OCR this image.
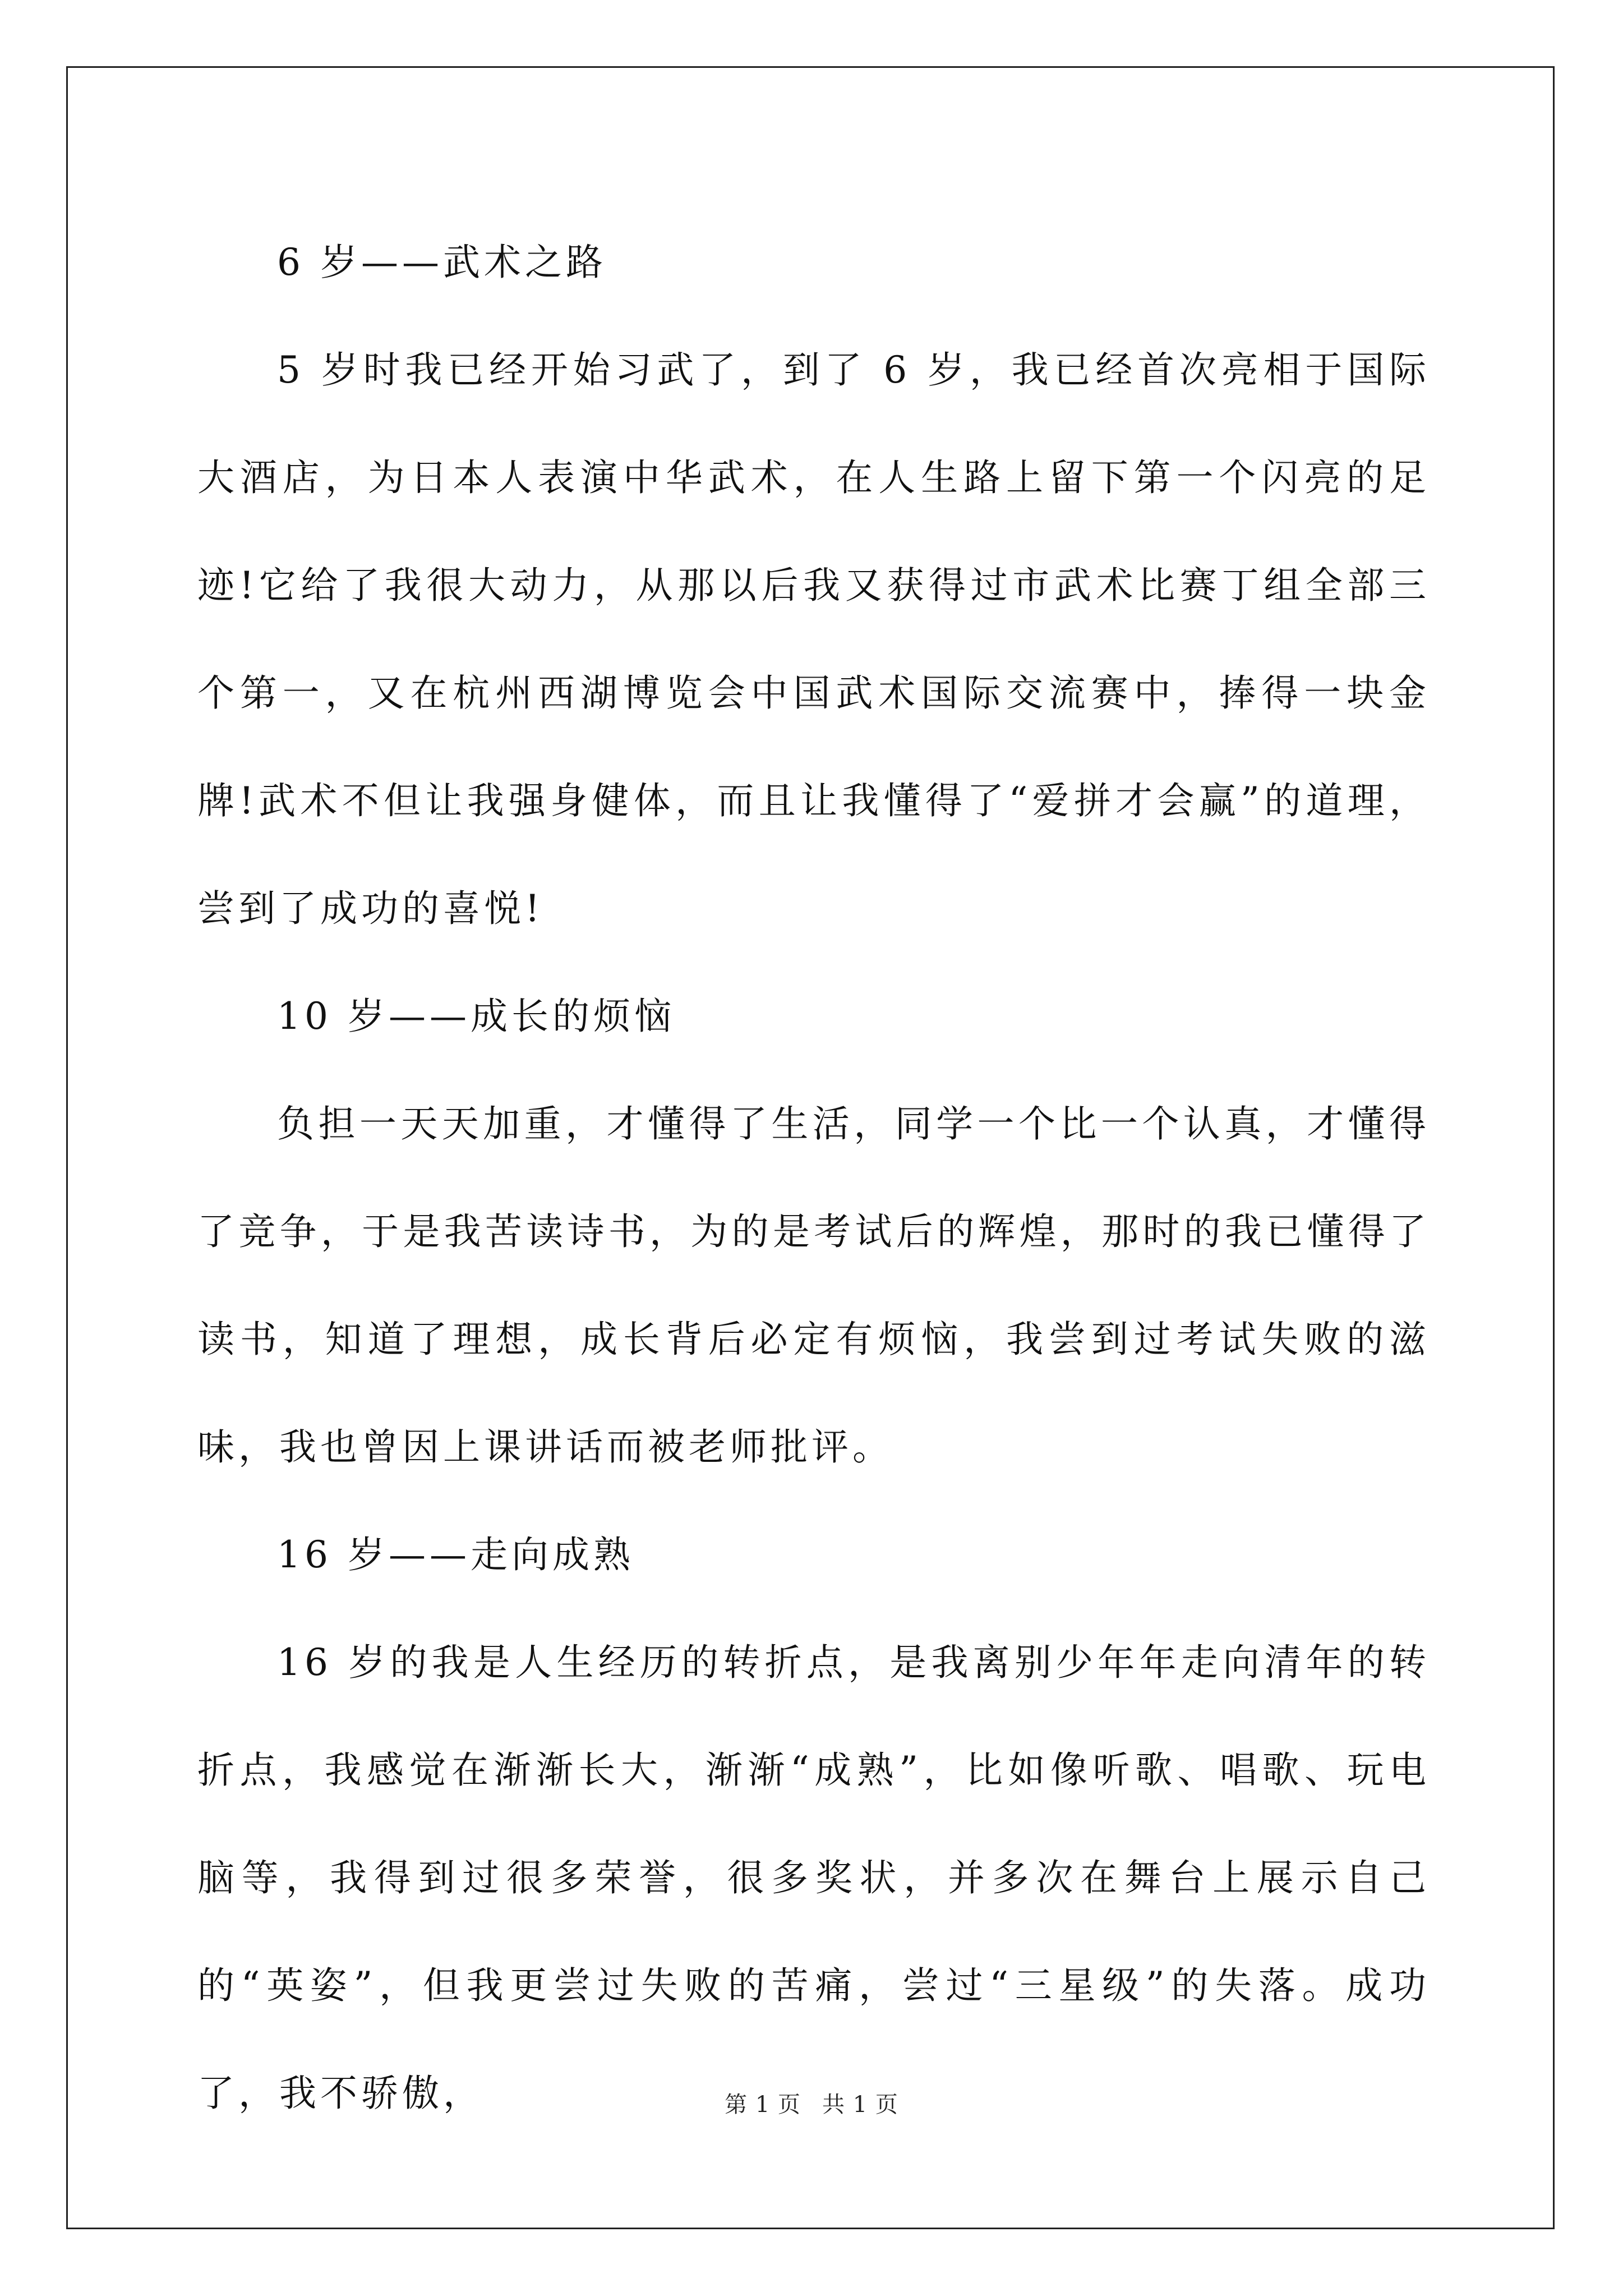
6 岁——武术之路

5 岁时我已经开始习武了，到了 6 岁，我已经首次亮相于国际大酒店，为日本人表演中华武术，在人生路上留下第一个闪亮的足迹!它给了我很大动力，从那以后我又获得过市武术比赛丁组全部三个第一，又在杭州西湖博览会中国武术国际交流赛中，捧得一块金牌!武术不但让我强身健体，而且让我懂得了“爱拼才会赢”的道理，尝到了成功的喜悦!

10 岁——成长的烦恼

负担一天天加重，才懂得了生活，同学一个比一个认真，才懂得了竞争，于是我苦读诗书，为的是考试后的辉煌，那时的我已懂得了读书，知道了理想，成长背后必定有烦恼，我尝到过考试失败的滋味，我也曾因上课讲话而被老师批评。

16 岁——走向成熟

16 岁的我是人生经历的转折点，是我离别少年年走向清年的转折点，我感觉在渐渐长大，渐渐“成熟”，比如像听歌、唱歌、玩电脑等，我得到过很多荣誉，很多奖状，并多次在舞台上展示自己的“英姿”，但我更尝过失败的苦痛，尝过“三星级”的失落。成功了，我不骄傲，	第 1 页 共 1 页
